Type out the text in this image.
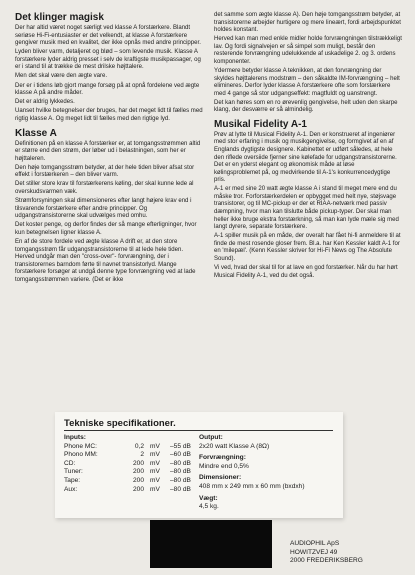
Det klinger magisk

Der har altid været noget særligt ved klasse A forstærkere. Blandt seriøse Hi-Fi-entusiaster er det velkendt, at klasse A forstærkere gengiver musik med en kvalitet, der ikke opnås med andre principper.

Lyden bliver varm, detaljeret og blød – som levende musik. Klasse A forstærkere lyder aldrig presset i selv de kraftigste musikpassager, og er i stand til at trække de mest drilske højttalere.

Men det skal være den ægte vare.

Der er i tidens løb gjort mange forsøg på at opnå fordelene ved ægte klasse A på andre måder.

Det er aldrig lykkedes.

Uanset hvilke betegnelser der bruges, har det meget lidt til fælles med rigtig klasse A. Og meget lidt til fælles med den rigtige lyd.

Klasse A

Definitionen på en klasse A forstærker er, at tomgangsstrømmen altid er større end den strøm, der løber ud i belastningen, som her er højttaleren.

Den høje tomgangsstrøm betyder, at der hele tiden bliver afsat stor effekt i forstærkeren – den bliver varm.

Det stiller store krav til forstærkerens køling, der skal kunne lede al overskudsvarmen væk.

Strømforsyningen skal dimensioneres efter langt højere krav end i tilsvarende forstærkere efter andre principper. Og udgangstransistorerne skal udvælges med omhu.

Det koster penge, og derfor findes der så mange efterligninger, hvor kun betegnelsen ligner klasse A.

En af de store fordele ved ægte klasse A drift er, at den store tomgangsstrøm får udgangstransistorerne til at lede hele tiden. Herved undgår man den "cross-over"- forvrængning, der i transistorernes barndom førte til navnet transistorlyd. Mange forstærkere forsøger at undgå denne type forvrængning ved at lade tomgangsstrømmen variere. (Det er ikke

det samme som ægte klasse A). Den høje tomgangsstrøm betyder, at transistorerne arbejder hurtigere og mere lineært, fordi arbejdspunktet holdes konstant.

Herved kan man med enkle midler holde forvrængningen tilstrækkeligt lav. Og fordi signalvejen er så simpel som muligt, består den resterende forvrængning udelukkende af uskadelige 2. og 3. ordens komponenter.

Ydermere betyder klasse A teknikken, at den forvrængning der skyldes højttalerens modstrøm – den såkaldte IM-forvrængning – helt elimineres. Derfor lyder klasse A forstærkere ofte som forstærkere med 4 gange så stor udgangseffekt: magtfuldt og uanstrengt.

Det kan høres som en ro ørevenlig gengivelse, helt uden den skarpe klang, der desværre er så almindelig.

Musikal Fidelity A-1

Prøv at lytte til Musical Fidelity A-1. Den er konstrueret af ingeniører med stor erfaring i musik og musikgengivelse, og formgivet af en af Englands dygtigste designere. Kabinettet er udført således, at hele den riflede oversiide fjerner sine kølefade for udgangstransistorerne. Det er en yderst elegant og økonomisk måde at løse kølingsproblemet på, og medvirkende til A-1's konkurrencedygtige pris.

A-1 er med sine 20 watt ægte klasse A i stand til meget mere end du måske tror. Forforstærkerdelen er opbygget med helt nye, støjsvage transistorer, og til MC-pickup er der et RIAA-netværk med passiv dæmpning, hvor man kan tilslutte både pickup-typer. Der skal man heller ikke bruge ekstra forstærkning, så man kan lyde mæle sig med langt dyrere, separate forstærkere.

A-1 spiller musik på en måde, der overalt har fået hi-fi anmeldere til at finde de mest rosende gloser frem. Bl.a. har Ken Kessler kaldt A-1 for en 'milepæl'. (Kenn Kessler skriver for Hi-Fi News og The Absolute Sound).

Vi ved, hvad der skal til for at lave en god forstærker. Når du har hørt Musical Fidelity A-1, ved du det også.

Tekniske specifikationer.
Inputs:
Phone MC:	0,2 mV –55 dB
Phono MM:	2 mV –60 dB
CD:	200 mV –80 dB
Tuner:	200 mV –80 dB
Tape:	200 mV –80 dB
Aux:	200 mV –80 dB
Output:
2x20 watt Klasse A (8Ω)
Forvrængning:
Mindre end 0,5%
Dimensioner:
408 mm x 249 mm x 60 mm (bxdxh)
Vægt:
4,5 kg.
AUDIOPHIL ApS
HOWITZVEJ 49
2000 FREDERIKSBERG
